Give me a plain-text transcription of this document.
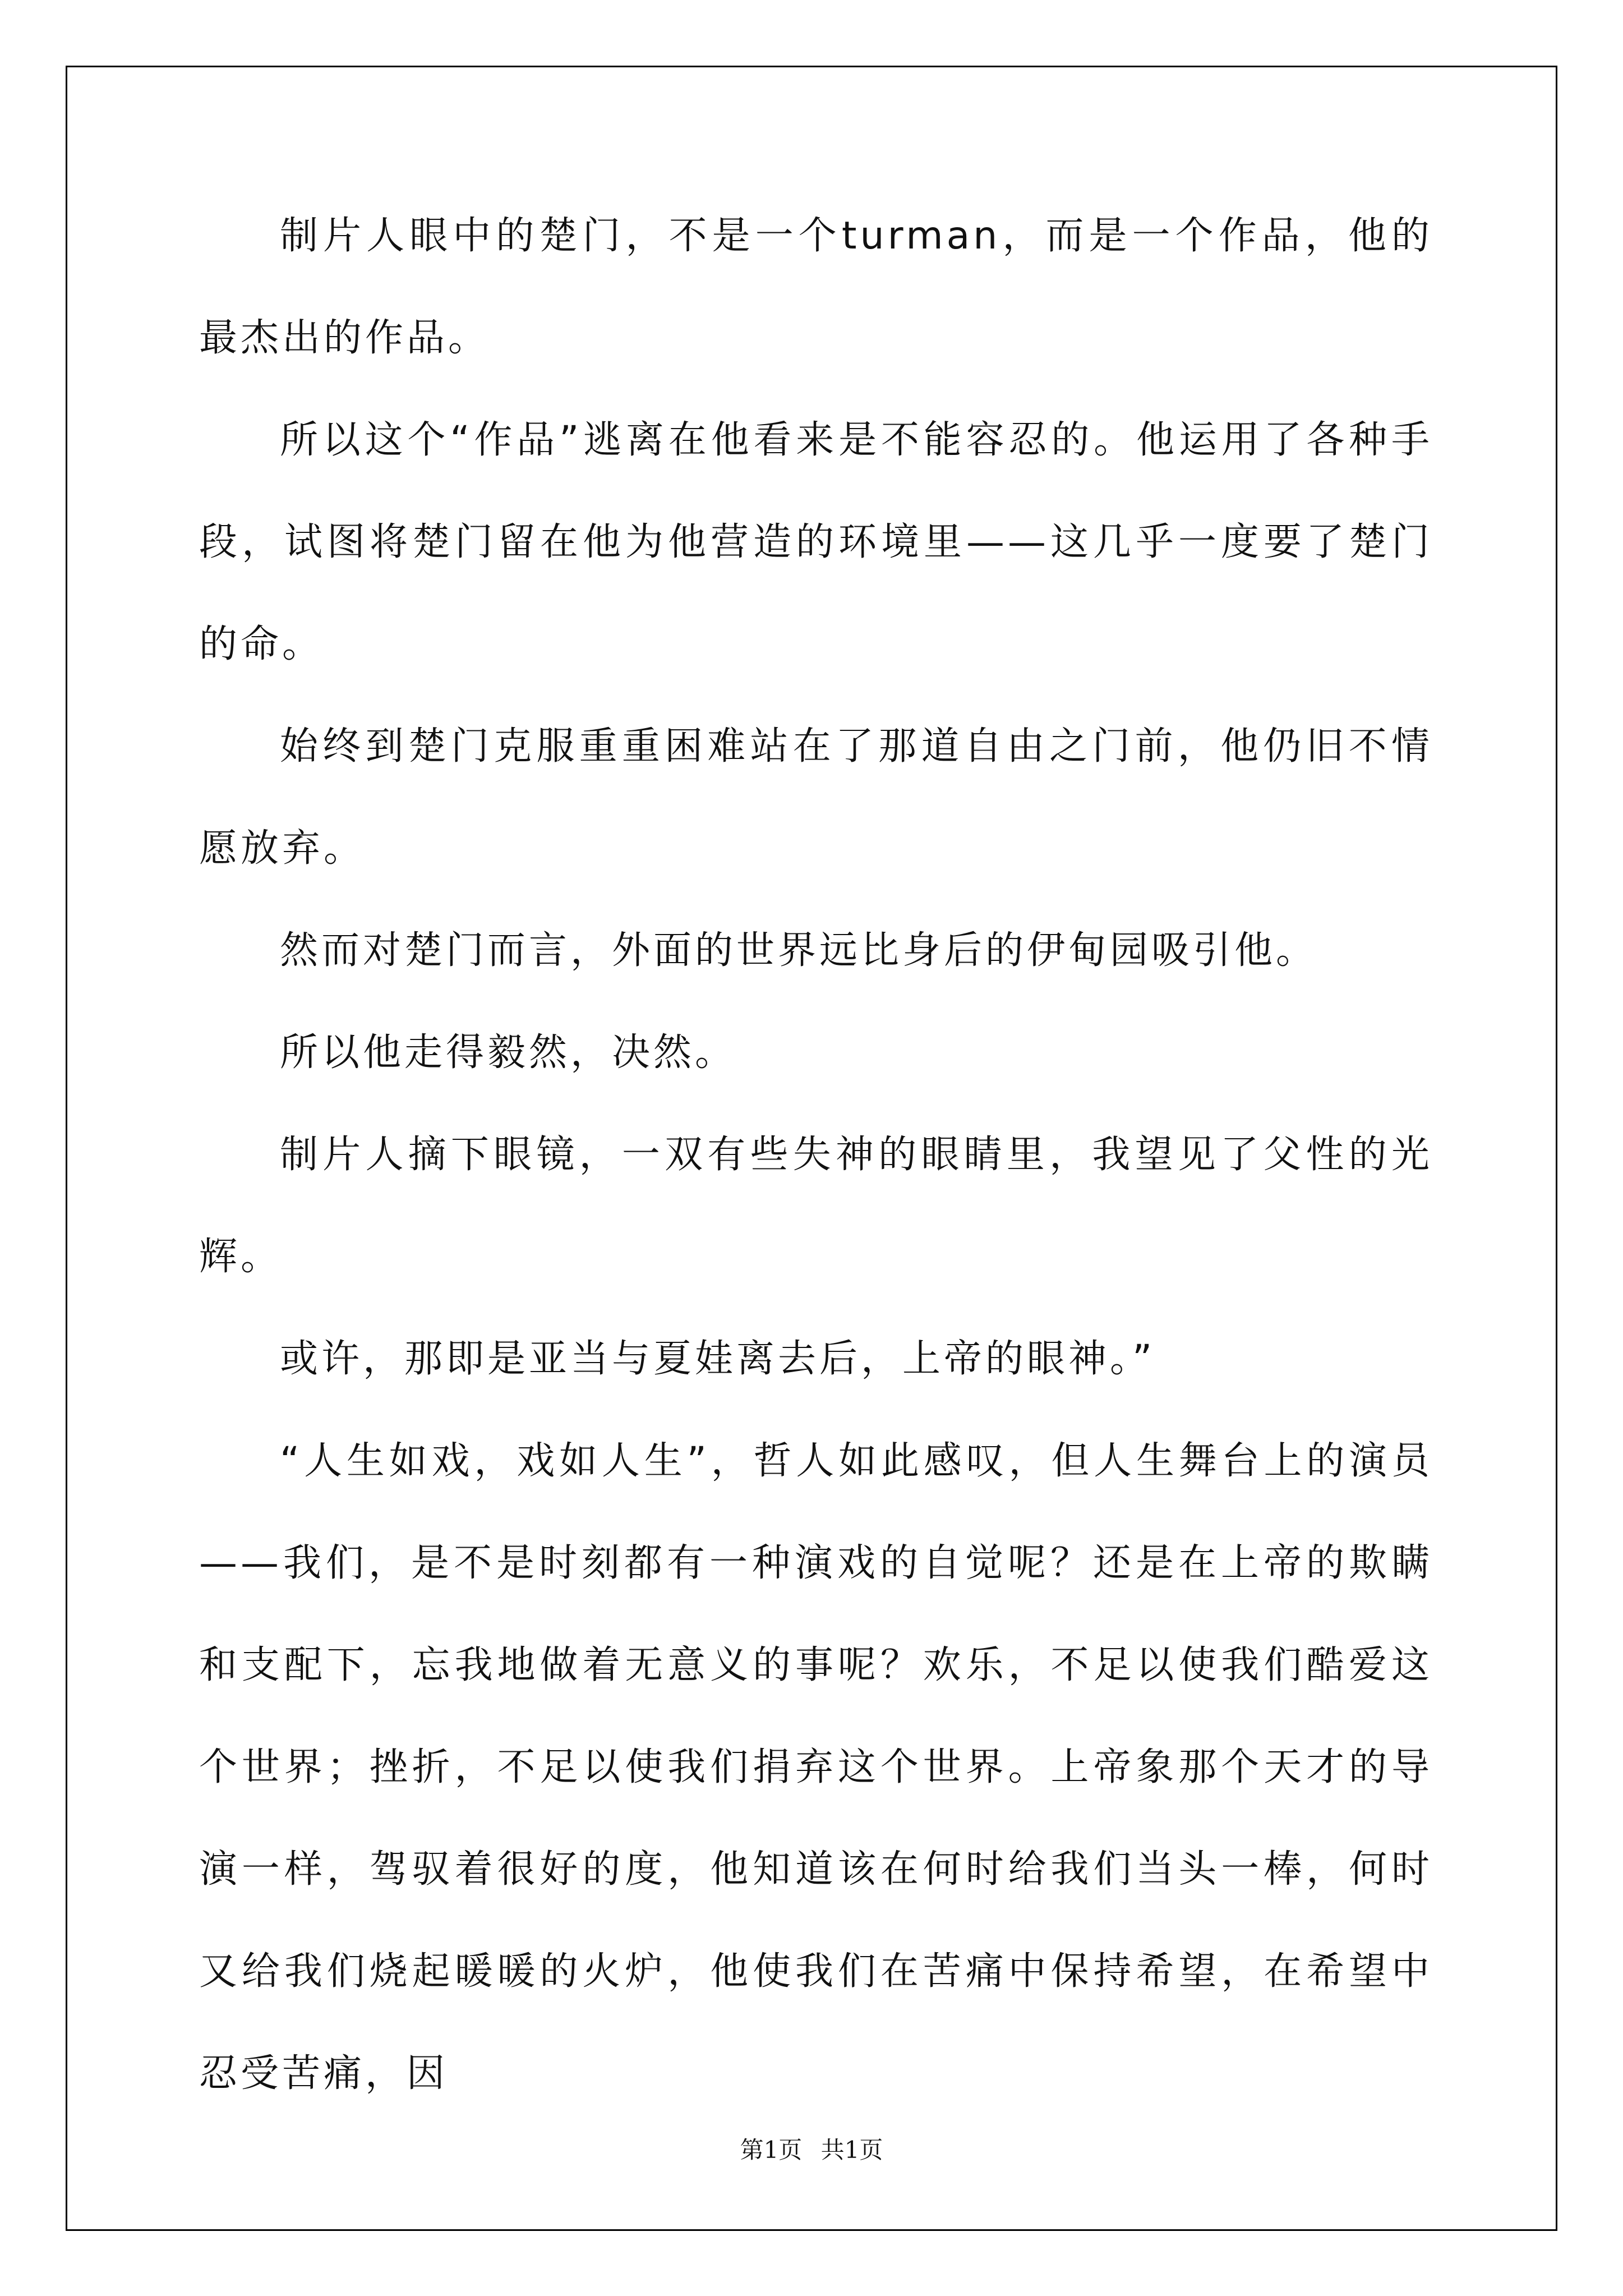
制片人眼中的楚门，不是一个turman，而是一个作品，他的最杰出的作品。

所以这个“作品”逃离在他看来是不能容忍的。他运用了各种手段，试图将楚门留在他为他营造的环境里——这几乎一度要了楚门的命。

始终到楚门克服重重困难站在了那道自由之门前，他仍旧不情愿放弃。

然而对楚门而言，外面的世界远比身后的伊甸园吸引他。

所以他走得毅然，决然。

制片人摘下眼镜，一双有些失神的眼睛里，我望见了父性的光辉。

或许，那即是亚当与夏娃离去后，上帝的眼神。”

“人生如戏，戏如人生”，哲人如此感叹，但人生舞台上的演员——我们，是不是时刻都有一种演戏的自觉呢？还是在上帝的欺瞒和支配下，忘我地做着无意义的事呢？欢乐，不足以使我们酷爱这个世界；挫折，不足以使我们捐弃这个世界。上帝象那个天才的导演一样，驾驭着很好的度，他知道该在何时给我们当头一棒，何时又给我们烧起暖暖的火炉，他使我们在苦痛中保持希望，在希望中忍受苦痛，因

第1页 共1页
